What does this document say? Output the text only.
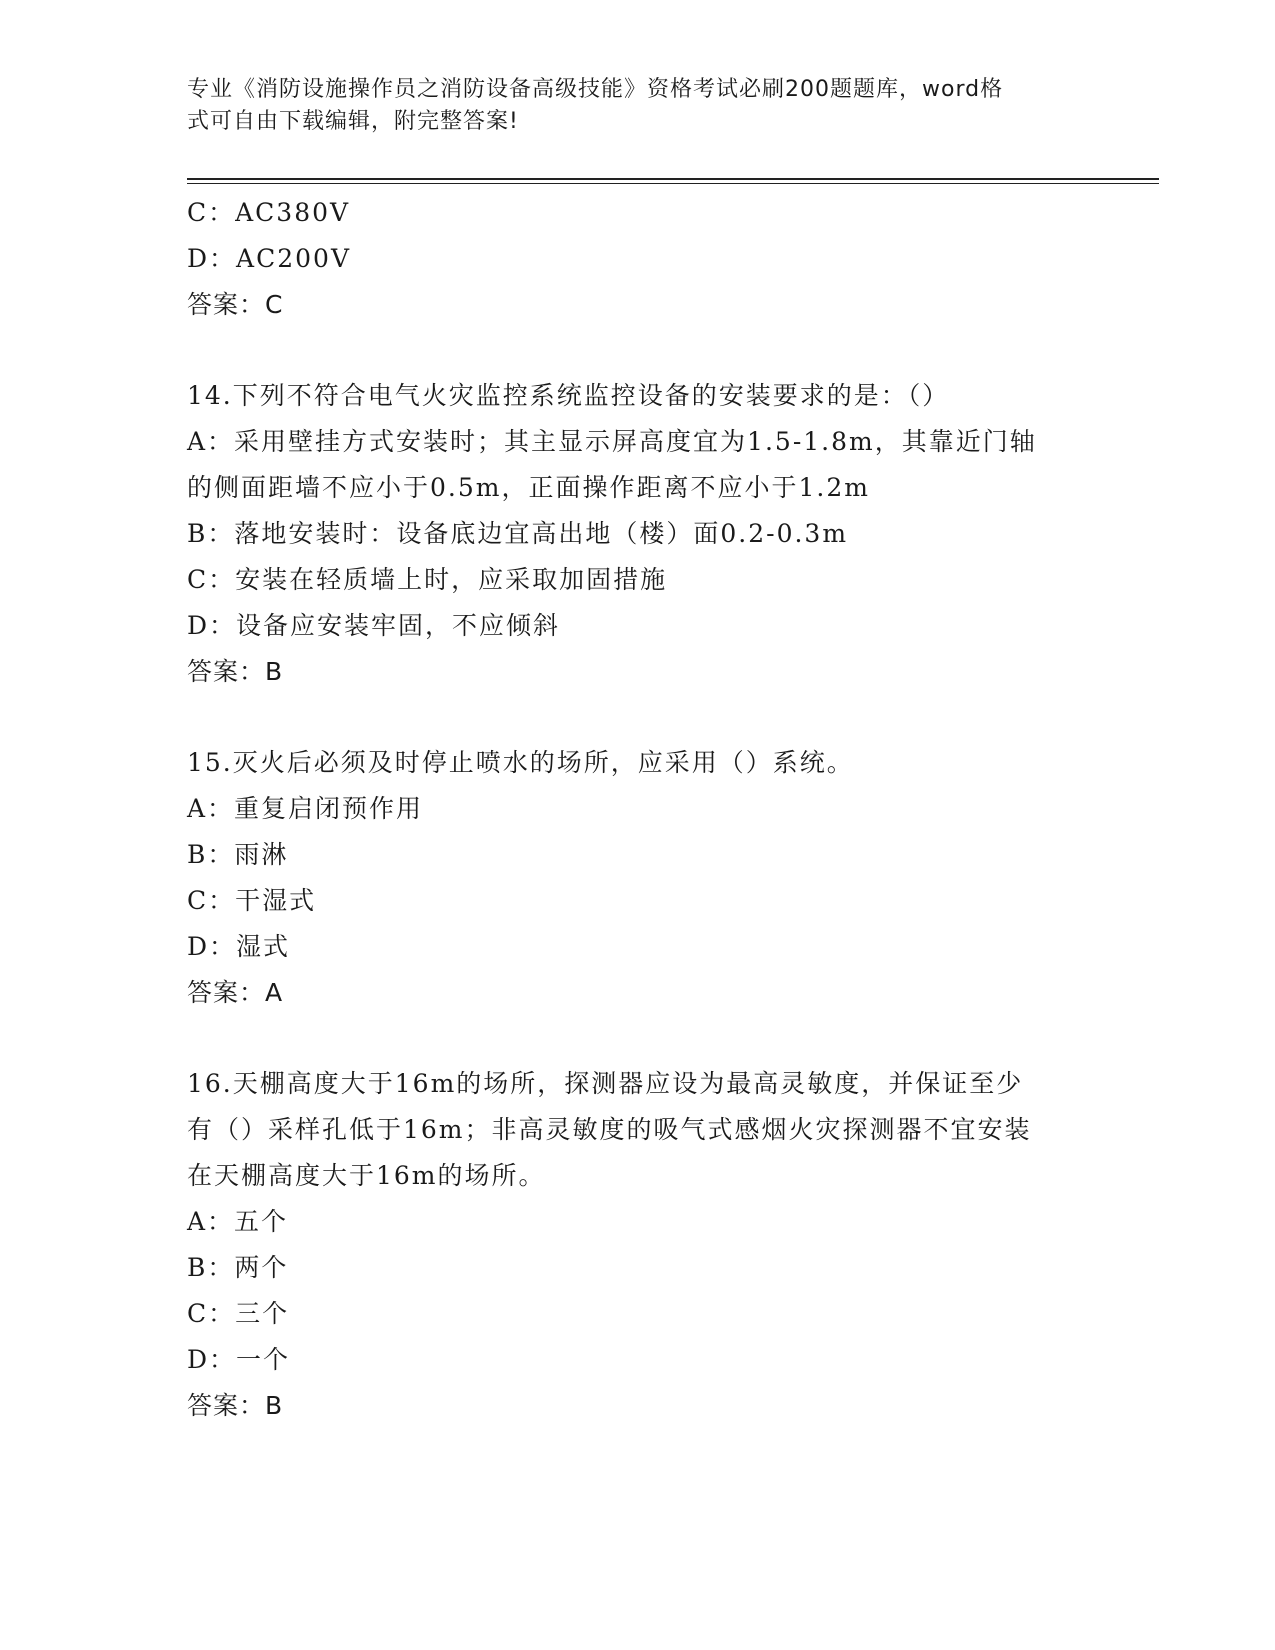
专业《消防设施操作员之消防设备高级技能》资格考试必刷200题题库，word格
式可自由下载编辑，附完整答案!
C：AC380V
D：AC200V
答案：C
14.下列不符合电气火灾监控系统监控设备的安装要求的是：（）
A：采用壁挂方式安装时；其主显示屏高度宜为1.5-1.8m，其靠近门轴
的侧面距墙不应小于0.5m，正面操作距离不应小于1.2m
B：落地安装时：设备底边宜高出地（楼）面0.2-0.3m
C：安装在轻质墙上时，应采取加固措施
D：设备应安装牢固，不应倾斜
答案：B
15.灭火后必须及时停止喷水的场所，应采用（）系统。
A：重复启闭预作用
B：雨淋
C：干湿式
D：湿式
答案：A
16.天棚高度大于16m的场所，探测器应设为最高灵敏度，并保证至少
有（）采样孔低于16m；非高灵敏度的吸气式感烟火灾探测器不宜安装
在天棚高度大于16m的场所。
A：五个
B：两个
C：三个
D：一个
答案：B
